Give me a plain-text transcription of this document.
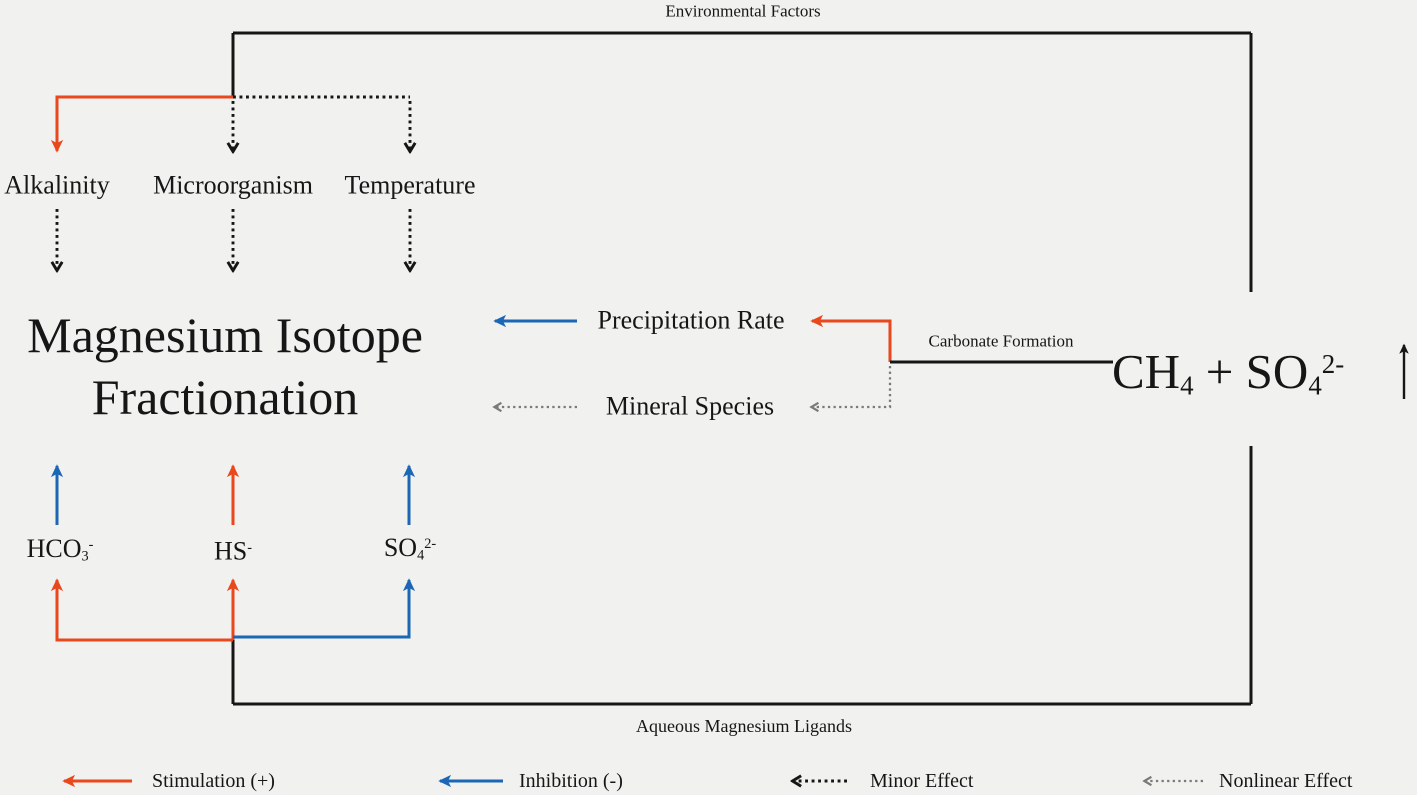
Environmental Factors
Aqueous Magnesium Ligands
Alkalinity Microorganism Temperature
Magnesium Isotope
Fractionation
Precipitation Rate
Mineral Species
Carbonate Formation
$CH_4 + SO_4^{2-}$
$HCO_3^-$	HS-	$SO_4^{2-}$
Stimulation (+)	Inhibition (-)	Minor Effect	Nonlinear Effect
